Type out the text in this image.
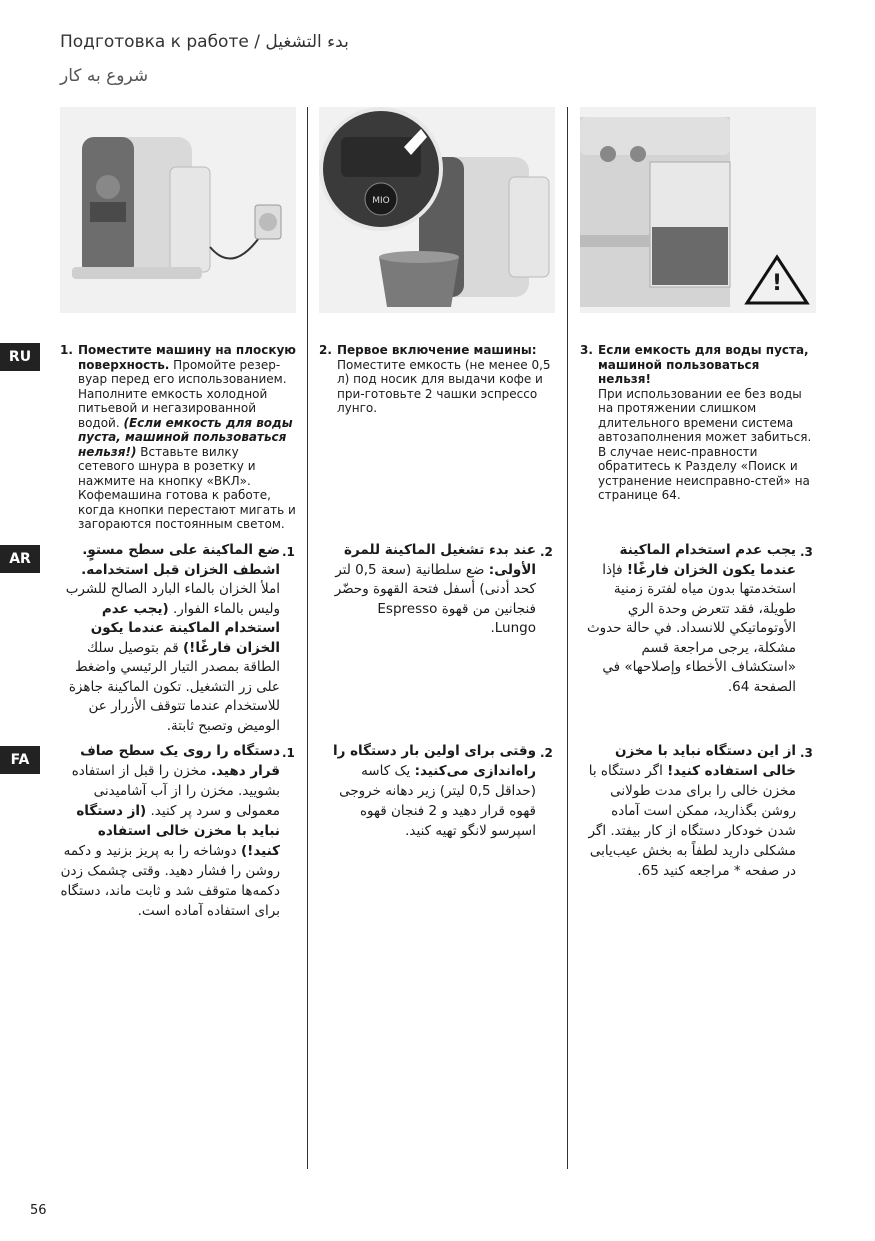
Подготовка к работе / بدء التشغيل
شروع به کار
MIO
!
RU
AR
FA
1. Поместите машину на плоскую поверхность. Промойте резер-вуар перед его использованием. Наполните емкость холодной питьевой и негазированной водой. (Если емкость для воды пуста, машиной пользоваться нельзя!) Вставьте вилку сетевого шнура в розетку и нажмите на кнопку «ВКЛ». Кофемашина готова к работе, когда кнопки перестают мигать и загораются постоянным светом.
2. Первое включение машины:
Поместите емкость (не менее 0,5 л) под носик для выдачи кофе и при-готовьте 2 чашки эспрессо лунго.
3. Если емкость для воды пуста, машиной пользоваться нельзя!
При использовании ее без воды на протяжении слишком длительного времени система автозаполнения может забиться. В случае неис-правности обратитесь к Разделу «Поиск и устранение неисправно-стей» на странице 64.
.1
ضع الماكينة على سطح مستوٍ. اشطف الخزان قبل استخدامه. املأ الخزان بالماء البارد الصالح للشرب وليس بالماء الفوار. (يجب عدم استخدام الماكينة عندما يكون الخزان فارغًا!) قم بتوصيل سلك الطاقة بمصدر التيار الرئيسي واضغط على زر التشغيل. تكون الماكينة جاهزة للاستخدام عندما تتوقف الأزرار عن الوميض وتصبح ثابتة.
.2
عند بدء تشغيل الماكينة للمرة الأولى: ضع سلطانية (سعة 0,5 لتر كحد أدنى) أسفل فتحة القهوة وحضّر فنجانين من قهوة Espresso Lungo.
.3
يجب عدم استخدام الماكينة عندما يكون الخزان فارغًا! فإذا استخدمتها بدون مياه لفترة زمنية طويلة، فقد تتعرض وحدة الري الأوتوماتيكي للانسداد. في حالة حدوث مشكلة، يرجى مراجعة قسم «استكشاف الأخطاء وإصلاحها» في الصفحة 64.
.1
دستگاه را روی یک سطح صاف قرار دهید. مخزن را قبل از استفاده بشویید. مخزن را از آب آشامیدنی معمولی و سرد پر کنید. (از دستگاه نباید با مخزن خالی استفاده کنید!) دوشاخه را به پریز بزنید و دکمه روشن را فشار دهید. وقتی چشمک زدن دکمه‌ها متوقف شد و ثابت ماند، دستگاه برای استفاده آماده است.
.2
وقتی برای اولین بار دستگاه را راه‌اندازی می‌کنید: یک کاسه (حداقل 0,5 لیتر) زیر دهانه خروجی قهوه قرار دهید و 2 فنجان قهوه اسپرسو لانگو تهیه کنید.
.3
از این دستگاه نباید با مخزن خالی استفاده کنید! اگر دستگاه با مخزن خالی را برای مدت طولانی روشن بگذارید، ممکن است آماده شدن خودکار دستگاه از کار بیفتد. اگر مشکلی دارید لطفاً به بخش عیب‌یابی در صفحه * مراجعه کنید 65.
56
